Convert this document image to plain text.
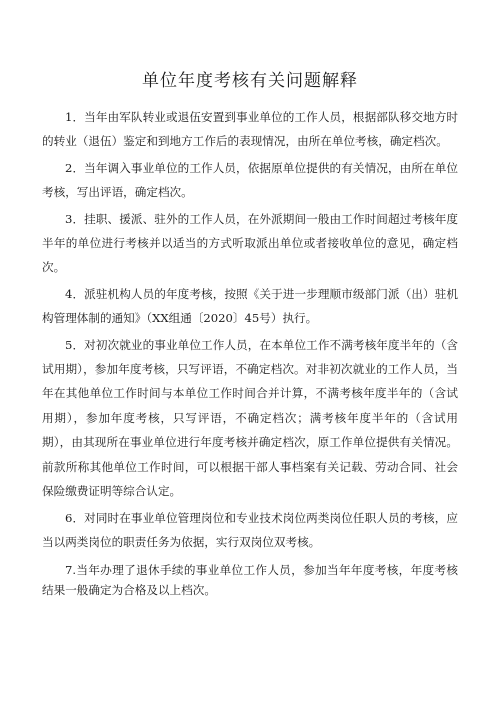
单位年度考核有关问题解释

1．当年由军队转业或退伍安置到事业单位的工作人员，根据部队移交地方时的转业（退伍）鉴定和到地方工作后的表现情况，由所在单位考核，确定档次。

2．当年调入事业单位的工作人员，依据原单位提供的有关情况，由所在单位考核，写出评语，确定档次。

3．挂职、援派、驻外的工作人员，在外派期间一般由工作时间超过考核年度半年的单位进行考核并以适当的方式听取派出单位或者接收单位的意见，确定档次。

4．派驻机构人员的年度考核，按照《关于进一步理顺市级部门派（出）驻机构管理体制的通知》（XX组通〔2020〕45号）执行。

5．对初次就业的事业单位工作人员，在本单位工作不满考核年度半年的（含试用期），参加年度考核，只写评语，不确定档次。对非初次就业的工作人员，当年在其他单位工作时间与本单位工作时间合并计算，不满考核年度半年的（含试用期），参加年度考核，只写评语，不确定档次；满考核年度半年的（含试用期），由其现所在事业单位进行年度考核并确定档次，原工作单位提供有关情况。前款所称其他单位工作时间，可以根据干部人事档案有关记载、劳动合同、社会保险缴费证明等综合认定。

6．对同时在事业单位管理岗位和专业技术岗位两类岗位任职人员的考核，应当以两类岗位的职责任务为依据，实行双岗位双考核。

7.当年办理了退休手续的事业单位工作人员，参加当年年度考核，年度考核结果一般确定为合格及以上档次。
